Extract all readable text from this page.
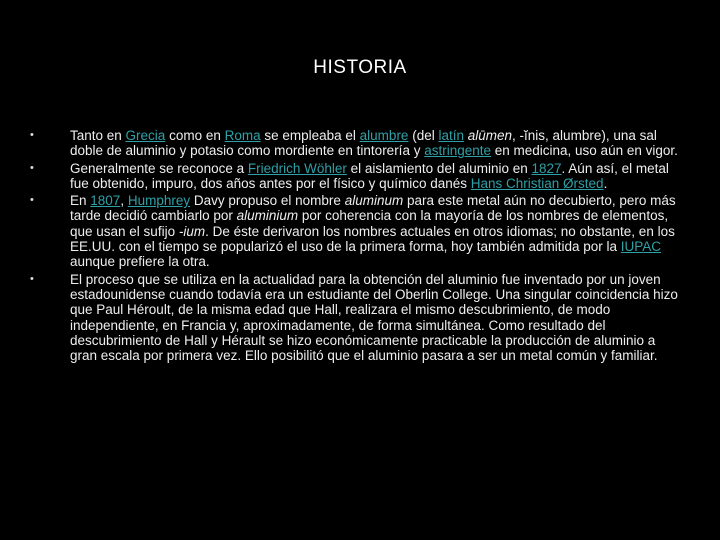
HISTORIA
•	Tanto en Grecia como en Roma se empleaba el alumbre (del latín alūmen, -ĭnis, alumbre), una sal doble de aluminio y potasio como mordiente en tintorería y astringente en medicina, uso aún en vigor.
•	Generalmente se reconoce a Friedrich Wöhler el aislamiento del aluminio en 1827. Aún así, el metal fue obtenido, impuro, dos años antes por el físico y químico danés Hans Christian Ørsted.
•	En 1807, Humphrey Davy propuso el nombre aluminum para este metal aún no decubierto, pero más tarde decidió cambiarlo por aluminium por coherencia con la mayoría de los nombres de elementos, que usan el sufijo -ium. De éste derivaron los nombres actuales en otros idiomas; no obstante, en los EE.UU. con el tiempo se popularizó el uso de la primera forma, hoy también admitida por la IUPAC aunque prefiere la otra.
•	El proceso que se utiliza en la actualidad para la obtención del aluminio fue inventado por un joven estadounidense cuando todavía era un estudiante del Oberlin College. Una singular coincidencia hizo que Paul Héroult, de la misma edad que Hall, realizara el mismo descubrimiento, de modo independiente, en Francia y, aproximadamente, de forma simultánea. Como resultado del descubrimiento de Hall y Hérault se hizo económicamente practicable la producción de aluminio a gran escala por primera vez. Ello posibilitó que el aluminio pasara a ser un metal común y familiar.
